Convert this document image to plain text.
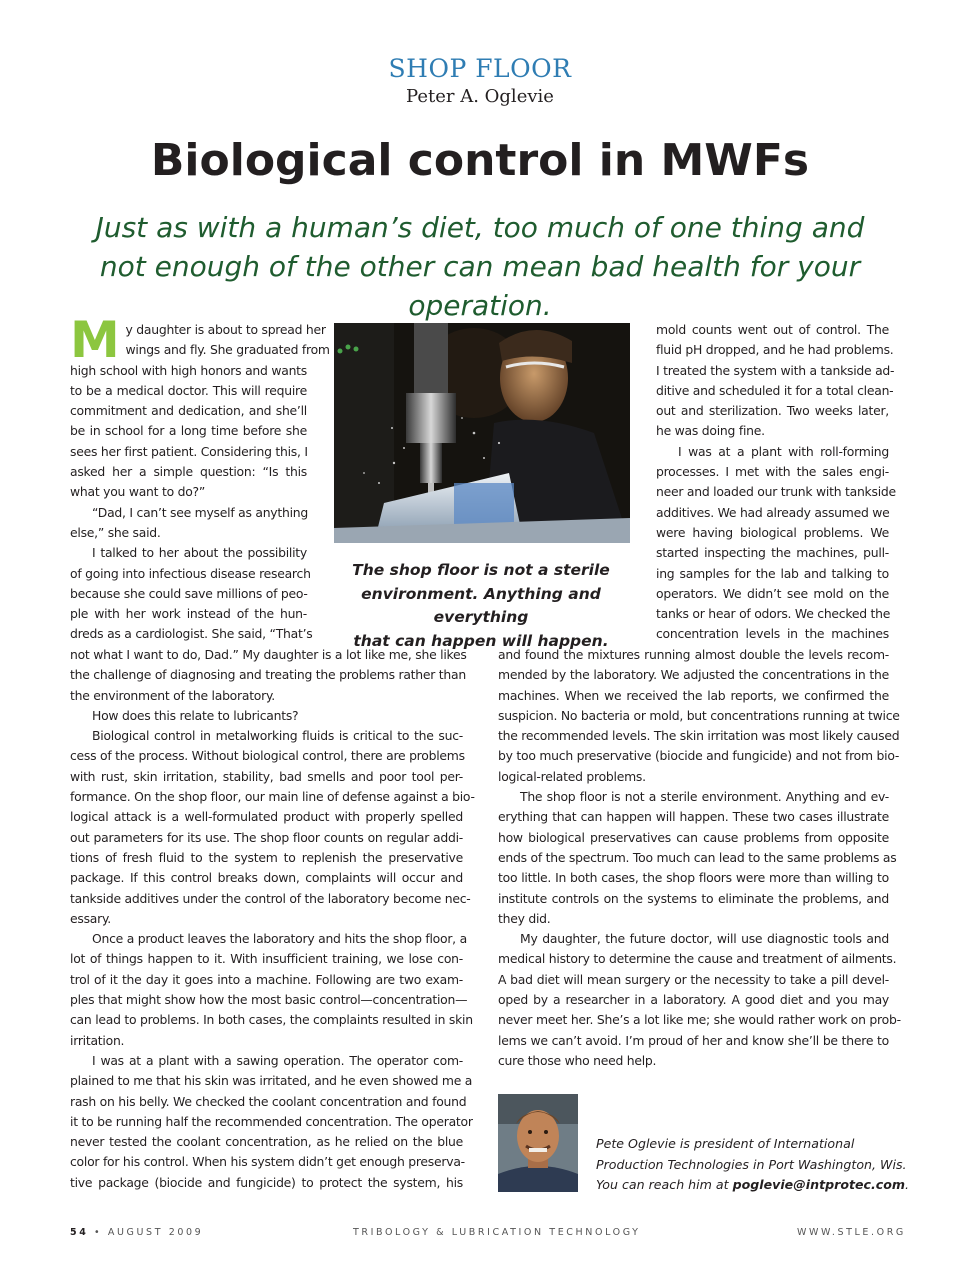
SHOP FLOOR
Peter A. Oglevie
Biological control in MWFs
Just as with a human’s diet, too much of one thing and not enough of the other can mean bad health for your operation.
M y daughter is about to spread her
wings and fly. She graduated from
high school with high honors and wants
to be a medical doctor. This will require
commitment and dedication, and she’ll
be in school for a long time before she
sees her first patient. Considering this, I
asked her a simple question: “Is this
what you want to do?”
“Dad, I can’t see myself as anything
else,” she said.
I talked to her about the possibility
of going into infectious disease research
because she could save millions of peo-
ple with her work instead of the hun-
dreds as a cardiologist. She said, “That’s
not what I want to do, Dad.” My daughter is a lot like me, she likes
the challenge of diagnosing and treating the problems rather than
the environment of the laboratory.
How does this relate to lubricants?
Biological control in metalworking fluids is critical to the suc-
cess of the process. Without biological control, there are problems
with rust, skin irritation, stability, bad smells and poor tool per-
formance. On the shop floor, our main line of defense against a bio-
logical attack is a well-formulated product with properly spelled
out parameters for its use. The shop floor counts on regular addi-
tions of fresh fluid to the system to replenish the preservative
package. If this control breaks down, complaints will occur and
tankside additives under the control of the laboratory become nec-
essary.
Once a product leaves the laboratory and hits the shop floor, a
lot of things happen to it. With insufficient training, we lose con-
trol of it the day it goes into a machine. Following are two exam-
ples that might show how the most basic control—concentration—
can lead to problems. In both cases, the complaints resulted in skin
irritation.
I was at a plant with a sawing operation. The operator com-
plained to me that his skin was irritated, and he even showed me a
rash on his belly. We checked the coolant concentration and found
it to be running half the recommended concentration. The operator
never tested the coolant concentration, as he relied on the blue
color for his control. When his system didn’t get enough preserva-
tive package (biocide and fungicide) to protect the system, his
mold counts went out of control. The
fluid pH dropped, and he had problems.
I treated the system with a tankside ad-
ditive and scheduled it for a total clean-
out and sterilization. Two weeks later,
he was doing fine.
I was at a plant with roll-forming
processes. I met with the sales engi-
neer and loaded our trunk with tankside
additives. We had already assumed we
were having biological problems. We
started inspecting the machines, pull-
ing samples for the lab and talking to
operators. We didn’t see mold on the
tanks or hear of odors. We checked the
concentration levels in the machines
and found the mixtures running almost double the levels recom-
mended by the laboratory. We adjusted the concentrations in the
machines. When we received the lab reports, we confirmed the
suspicion. No bacteria or mold, but concentrations running at twice
the recommended levels. The skin irritation was most likely caused
by too much preservative (biocide and fungicide) and not from bio-
logical-related problems.
The shop floor is not a sterile environment. Anything and ev-
erything that can happen will happen. These two cases illustrate
how biological preservatives can cause problems from opposite
ends of the spectrum. Too much can lead to the same problems as
too little. In both cases, the shop floors were more than willing to
institute controls on the systems to eliminate the problems, and
they did.
My daughter, the future doctor, will use diagnostic tools and
medical history to determine the cause and treatment of ailments.
A bad diet will mean surgery or the necessity to take a pill devel-
oped by a researcher in a laboratory. A good diet and you may
never meet her. She’s a lot like me; she would rather work on prob-
lems we can’t avoid. I’m proud of her and know she’ll be there to
cure those who need help.
The shop floor is not a sterile
environment. Anything and everything
that can happen will happen.
Pete Oglevie is president of International
Production Technologies in Port Washington, Wis.
You can reach him at poglevie@intprotec.com.
54 • AUGUST 2009	TRIBOLOGY & LUBRICATION TECHNOLOGY	WWW.STLE.ORG
